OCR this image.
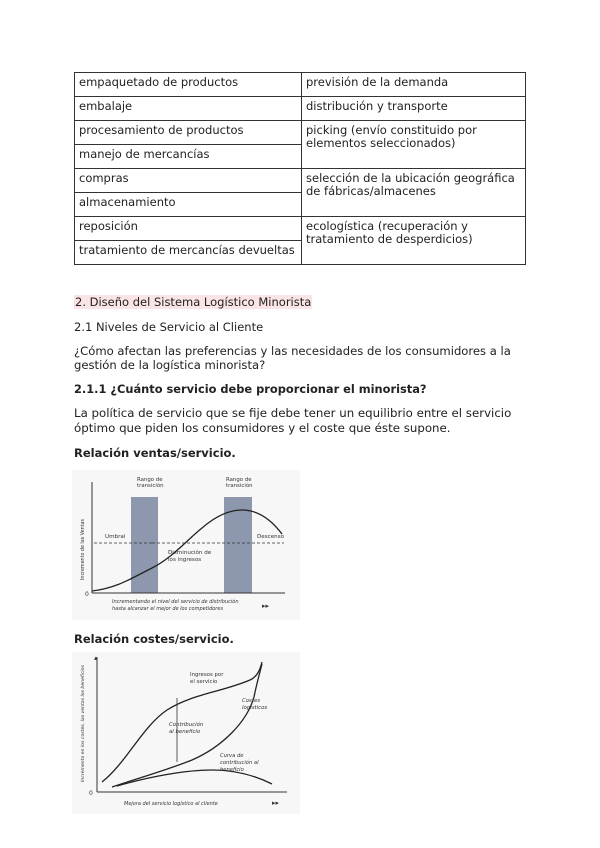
empaquetado de productos	previsión de la demanda
embalaje	distribución y transporte
procesamiento de productos	picking (envío constituido por elementos seleccionados)
manejo de mercancías	
compras	selección de la ubicación geográfica de fábricas/almacenes
almacenamiento	
reposición	ecologística (recuperación y tratamiento de desperdicios)
tratamiento de mercancías devueltas	
2. Diseño del Sistema Logístico Minorista
2.1 Niveles de Servicio al Cliente
¿Cómo afectan las preferencias y las necesidades de los consumidores a la gestión de la logística minorista?
2.1.1 ¿Cuánto servicio debe proporcionar el minorista?
La política de servicio que se fije debe tener un equilibrio entre el servicio óptimo que piden los consumidores y el coste que éste supone.
Relación ventas/servicio.
Relación costes/servicio.
Rango de transición
Rango de transición
Umbral	Descenso
Disminución de los ingresos
0
Incremento de las Ventas
Incrementando el nivel del servicio de distribución
hasta alcanzar el mejor de los competidores	▸▸
▴
Ingresos por el servicio
Costes logísticos
Contribución al beneficio
Curva de contribución al beneficio
0
Incremento en los costes, las ventas los beneficios
Mejora del servicio logístico al cliente	▸▸
